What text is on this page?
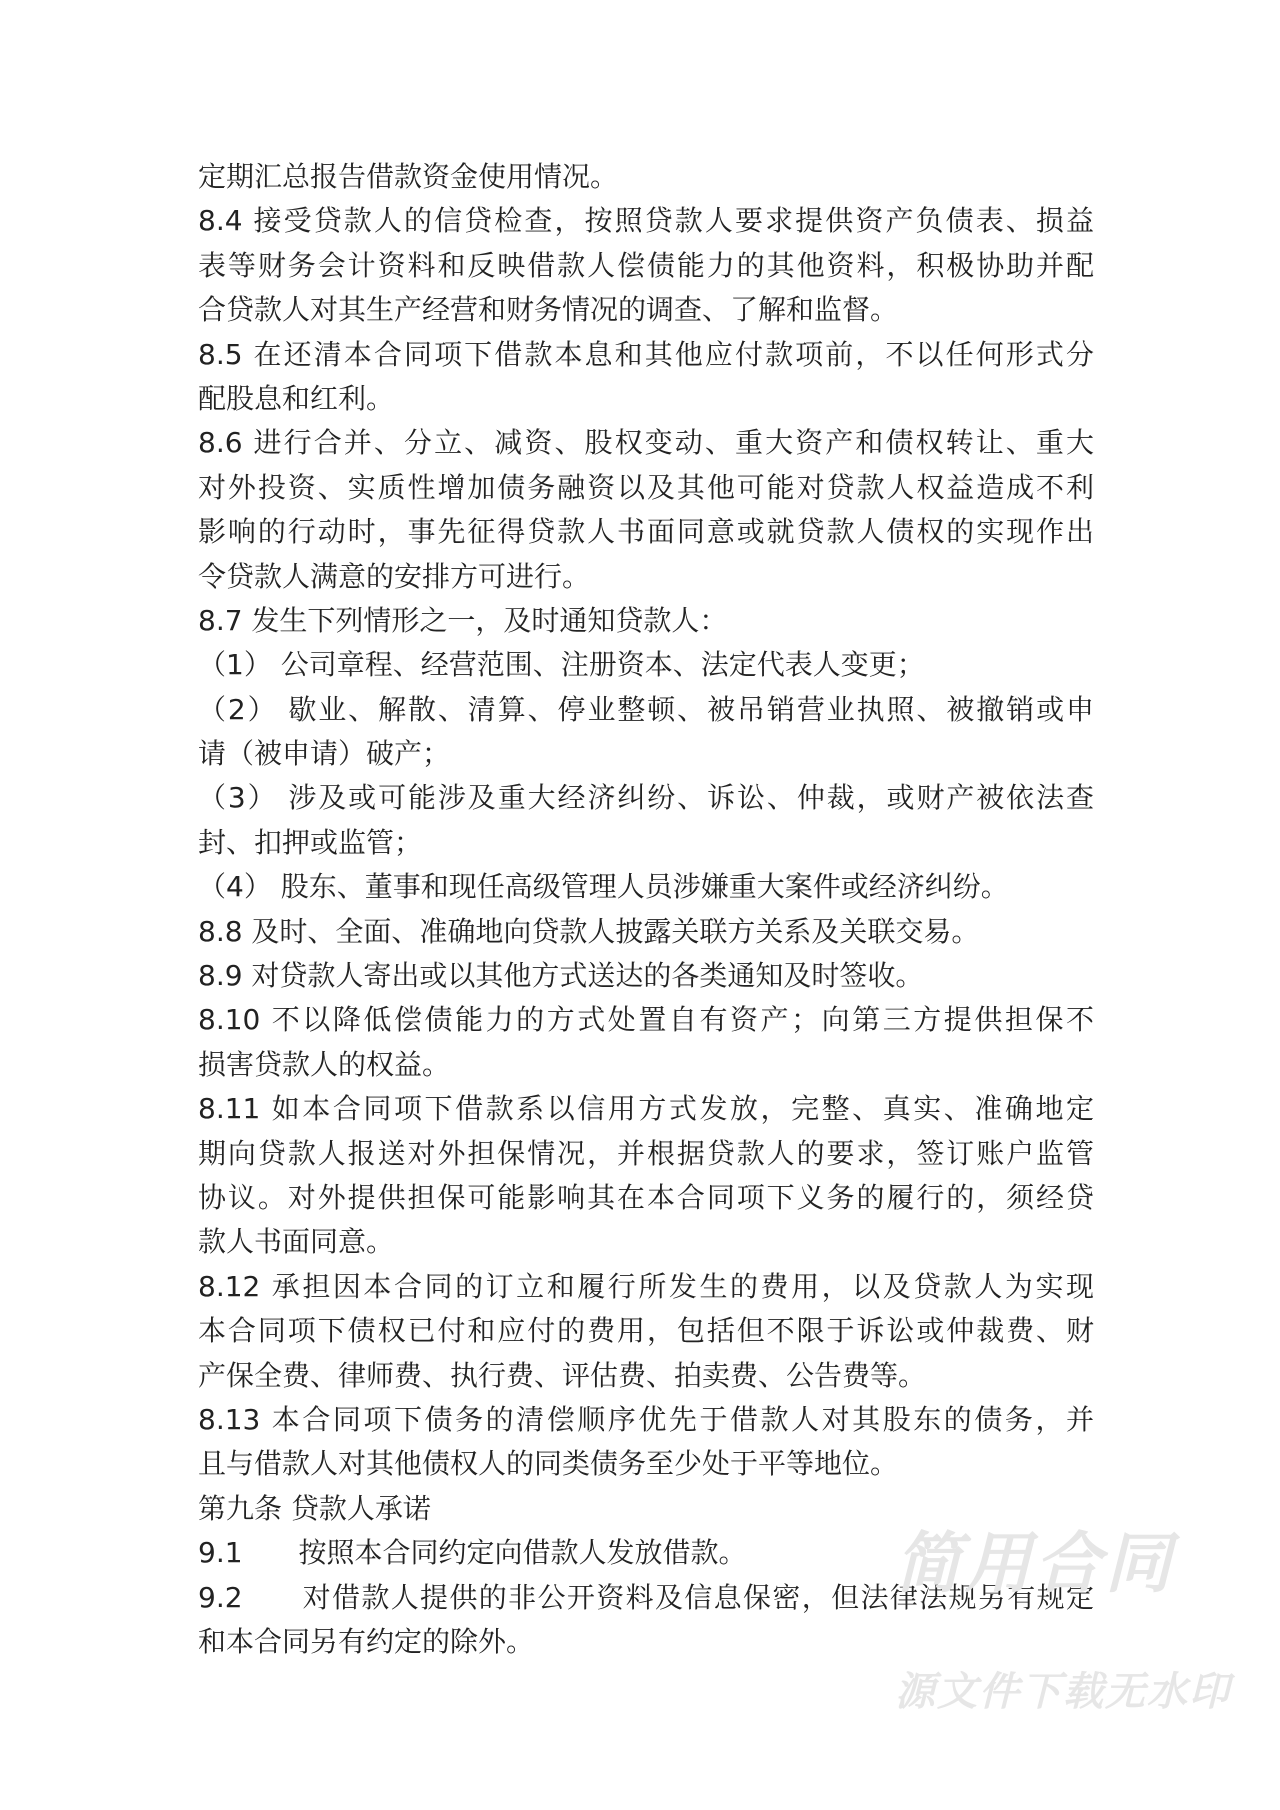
定期汇总报告借款资金使用情况。
8.4 接受贷款人的信贷检查，按照贷款人要求提供资产负债表、损益
表等财务会计资料和反映借款人偿债能力的其他资料，积极协助并配
合贷款人对其生产经营和财务情况的调查、了解和监督。
8.5 在还清本合同项下借款本息和其他应付款项前，不以任何形式分
配股息和红利。
8.6 进行合并、分立、减资、股权变动、重大资产和债权转让、重大
对外投资、实质性增加债务融资以及其他可能对贷款人权益造成不利
影响的行动时，事先征得贷款人书面同意或就贷款人债权的实现作出
令贷款人满意的安排方可进行。
8.7 发生下列情形之一，及时通知贷款人：
（1） 公司章程、经营范围、注册资本、法定代表人变更；
（2） 歇业、解散、清算、停业整顿、被吊销营业执照、被撤销或申
请（被申请）破产；
（3） 涉及或可能涉及重大经济纠纷、诉讼、仲裁，或财产被依法查
封、扣押或监管；
（4） 股东、董事和现任高级管理人员涉嫌重大案件或经济纠纷。
8.8 及时、全面、准确地向贷款人披露关联方关系及关联交易。
8.9 对贷款人寄出或以其他方式送达的各类通知及时签收。
8.10 不以降低偿债能力的方式处置自有资产；向第三方提供担保不
损害贷款人的权益。
8.11 如本合同项下借款系以信用方式发放，完整、真实、准确地定
期向贷款人报送对外担保情况，并根据贷款人的要求，签订账户监管
协议。对外提供担保可能影响其在本合同项下义务的履行的，须经贷
款人书面同意。
8.12 承担因本合同的订立和履行所发生的费用，以及贷款人为实现
本合同项下债权已付和应付的费用，包括但不限于诉讼或仲裁费、财
产保全费、律师费、执行费、评估费、拍卖费、公告费等。
8.13 本合同项下债务的清偿顺序优先于借款人对其股东的债务，并
且与借款人对其他债权人的同类债务至少处于平等地位。
第九条 贷款人承诺
9.1　　按照本合同约定向借款人发放借款。
9.2　　对借款人提供的非公开资料及信息保密，但法律法规另有规定
和本合同另有约定的除外。
简用合同
源文件下载无水印
